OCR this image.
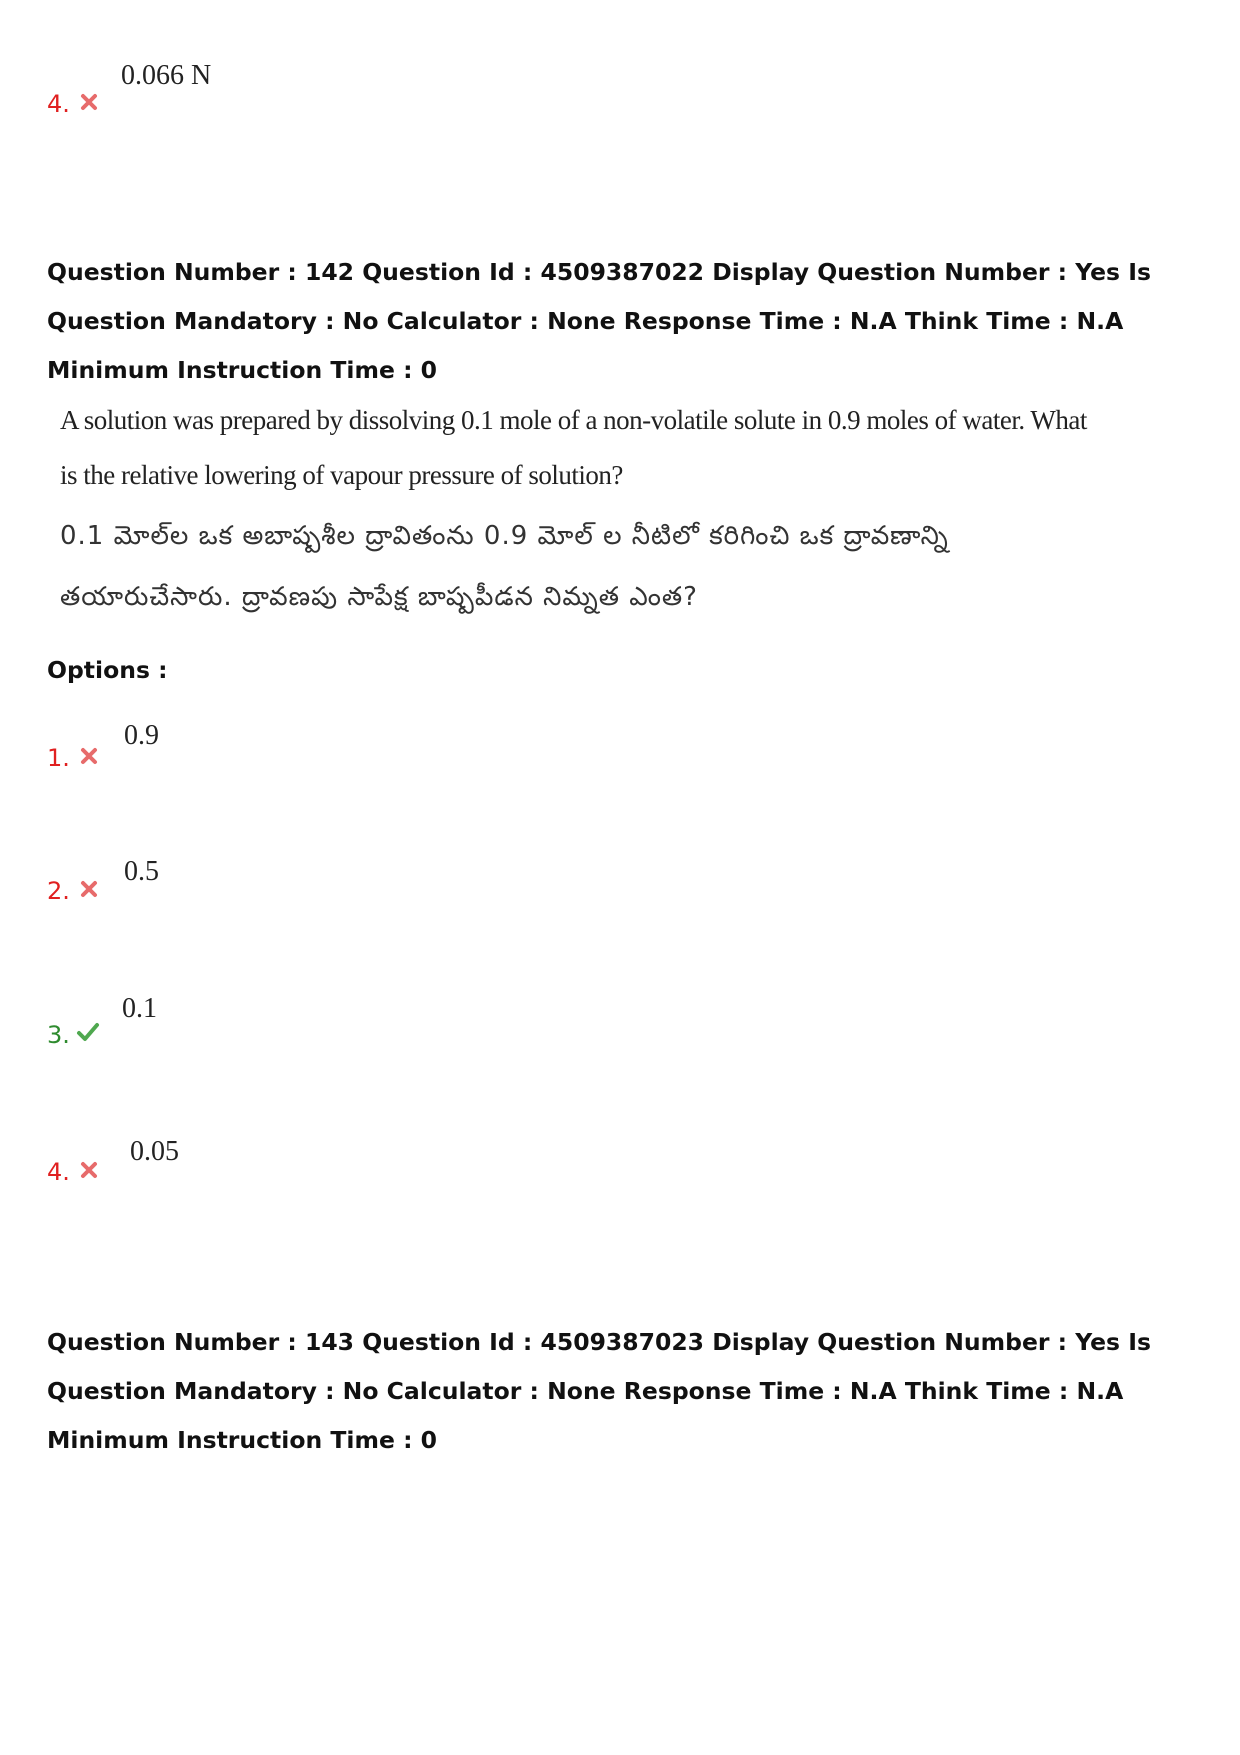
4.
0.066 N
Question Number : 142 Question Id : 4509387022 Display Question Number : Yes Is Question Mandatory : No Calculator : None Response Time : N.A Think Time : N.A Minimum Instruction Time : 0
A solution was prepared by dissolving 0.1 mole of a non-volatile solute in 0.9 moles of water. What
is the relative lowering of vapour pressure of solution?
0.1 మోల్‌ల ఒక అబాష్పశీల ద్రావితంను 0.9 మోల్ ల నీటిలో కరిగించి ఒక ద్రావణాన్ని
తయారుచేసారు. ద్రావణపు సాపేక్ష బాష్పపీడన నిమ్నత ఎంత?
Options :
1.
0.9
2.
0.5
3.
0.1
4.
0.05
Question Number : 143 Question Id : 4509387023 Display Question Number : Yes Is Question Mandatory : No Calculator : None Response Time : N.A Think Time : N.A Minimum Instruction Time : 0
